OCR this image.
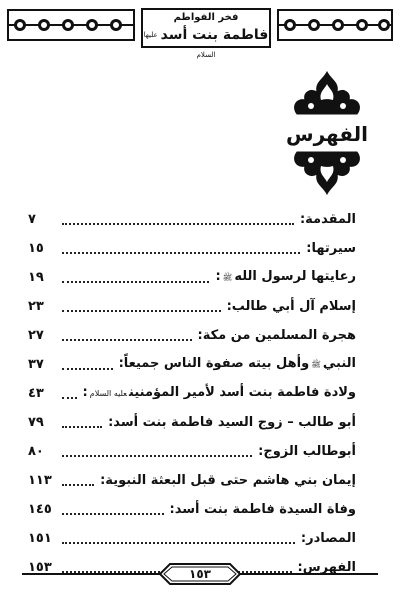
فخر الفواطم
فاطمة بنت أسدعليها السلام
الفهرس
المقدمة:
٧
سيرتها:
١٥
رعايتها لرسول اللهﷺ:
١٩
إسلام آل أبي طالب:
٢٣
هجرة المسلمين من مكة:
٢٧
النبيﷺوأهل بيته صفوة الناس جميعاً:
٣٧
ولادة فاطمة بنت أسد لأمير المؤمنينعليه السلام:
٤٣
أبو طالب – زوج السيد فاطمة بنت أسد:
٧٩
أبوطالب الزوج:
٨٠
إيمان بني هاشم حتى قبل البعثة النبوية:
١١٣
وفاة السيدة فاطمة بنت أسد:
١٤٥
المصادر:
١٥١
الفهرس:
١٥٣	١٥٣
